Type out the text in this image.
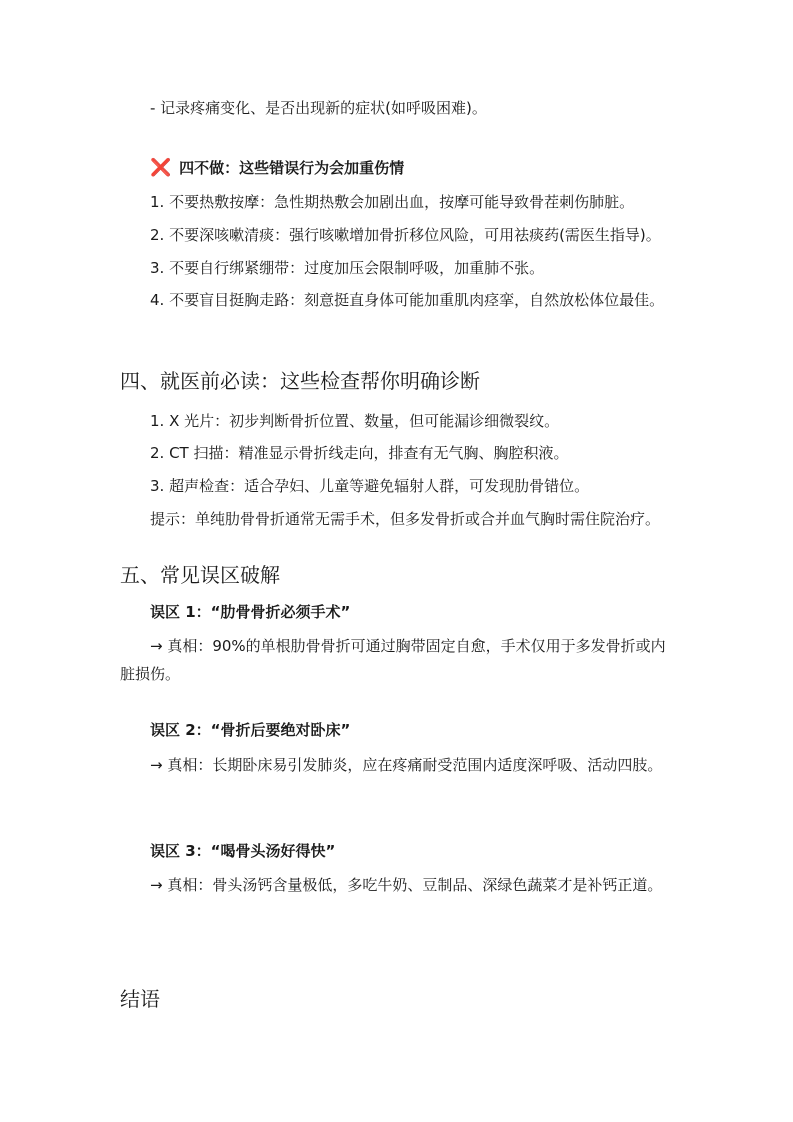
- 记录疼痛变化、是否出现新的症状(如呼吸困难)。
❌ 四不做：这些错误行为会加重伤情
1. 不要热敷按摩：急性期热敷会加剧出血，按摩可能导致骨茬刺伤肺脏。
2. 不要深咳嗽清痰：强行咳嗽增加骨折移位风险，可用祛痰药(需医生指导)。
3. 不要自行绑紧绷带：过度加压会限制呼吸，加重肺不张。
4. 不要盲目挺胸走路：刻意挺直身体可能加重肌肉痉挛，自然放松体位最佳。
四、就医前必读：这些检查帮你明确诊断
1. X 光片：初步判断骨折位置、数量，但可能漏诊细微裂纹。
2. CT 扫描：精准显示骨折线走向，排查有无气胸、胸腔积液。
3. 超声检查：适合孕妇、儿童等避免辐射人群，可发现肋骨错位。
提示：单纯肋骨骨折通常无需手术，但多发骨折或合并血气胸时需住院治疗。
五、常见误区破解
误区 1：“肋骨骨折必须手术”
→ 真相：90%的单根肋骨骨折可通过胸带固定自愈，手术仅用于多发骨折或内脏损伤。
误区 2：“骨折后要绝对卧床”
→ 真相：长期卧床易引发肺炎，应在疼痛耐受范围内适度深呼吸、活动四肢。
误区 3：“喝骨头汤好得快”
→ 真相：骨头汤钙含量极低，多吃牛奶、豆制品、深绿色蔬菜才是补钙正道。
结语
